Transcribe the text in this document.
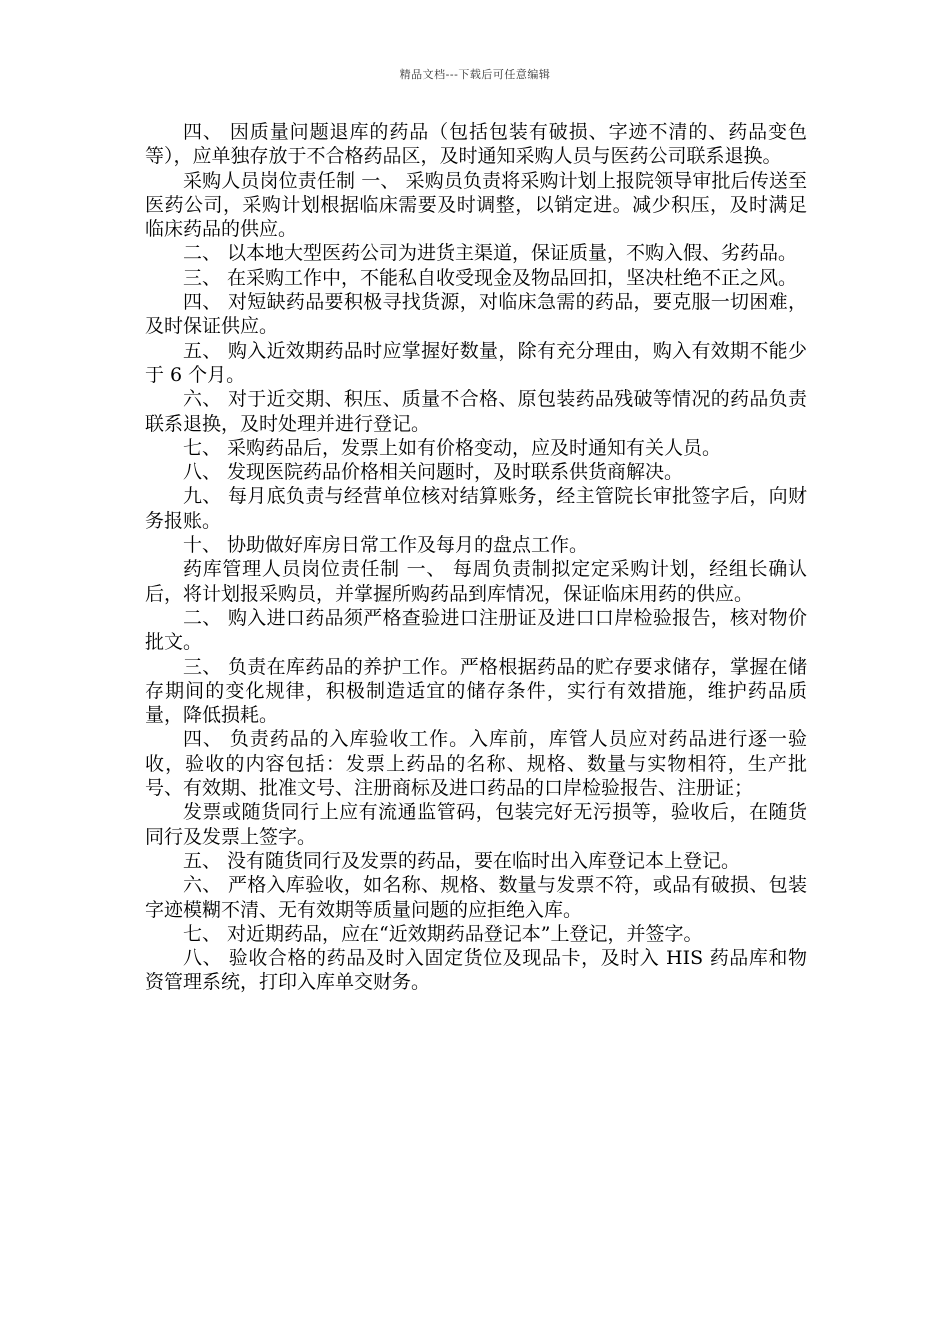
精品文档---下载后可任意编辑

四、 因质量问题退库的药品（包括包装有破损、字迹不清的、药品变色等），应单独存放于不合格药品区，及时通知采购人员与医药公司联系退换。

采购人员岗位责任制 一、 采购员负责将采购计划上报院领导审批后传送至医药公司，采购计划根据临床需要及时调整，以销定进。减少积压，及时满足临床药品的供应。

二、 以本地大型医药公司为进货主渠道，保证质量，不购入假、劣药品。

三、 在采购工作中，不能私自收受现金及物品回扣，坚决杜绝不正之风。

四、 对短缺药品要积极寻找货源，对临床急需的药品，要克服一切困难，及时保证供应。

五、 购入近效期药品时应掌握好数量，除有充分理由，购入有效期不能少于 6 个月。

六、 对于近交期、积压、质量不合格、原包装药品残破等情况的药品负责联系退换，及时处理并进行登记。

七、 采购药品后，发票上如有价格变动，应及时通知有关人员。

八、 发现医院药品价格相关问题时，及时联系供货商解决。

九、 每月底负责与经营单位核对结算账务，经主管院长审批签字后，向财务报账。

十、 协助做好库房日常工作及每月的盘点工作。

药库管理人员岗位责任制 一、 每周负责制拟定定采购计划，经组长确认后，将计划报采购员，并掌握所购药品到库情况，保证临床用药的供应。

二、 购入进口药品须严格查验进口注册证及进口口岸检验报告，核对物价批文。

三、 负责在库药品的养护工作。严格根据药品的贮存要求储存，掌握在储存期间的变化规律，积极制造适宜的储存条件，实行有效措施，维护药品质量，降低损耗。

四、 负责药品的入库验收工作。入库前，库管人员应对药品进行逐一验收，验收的内容包括：发票上药品的名称、规格、数量与实物相符，生产批号、有效期、批准文号、注册商标及进口药品的口岸检验报告、注册证；

发票或随货同行上应有流通监管码，包装完好无污损等，验收后，在随货同行及发票上签字。

五、 没有随货同行及发票的药品，要在临时出入库登记本上登记。

六、 严格入库验收，如名称、规格、数量与发票不符，或品有破损、包装字迹模糊不清、无有效期等质量问题的应拒绝入库。

七、 对近期药品，应在“近效期药品登记本”上登记，并签字。

八、 验收合格的药品及时入固定货位及现品卡，及时入 HIS 药品库和物资管理系统，打印入库单交财务。
